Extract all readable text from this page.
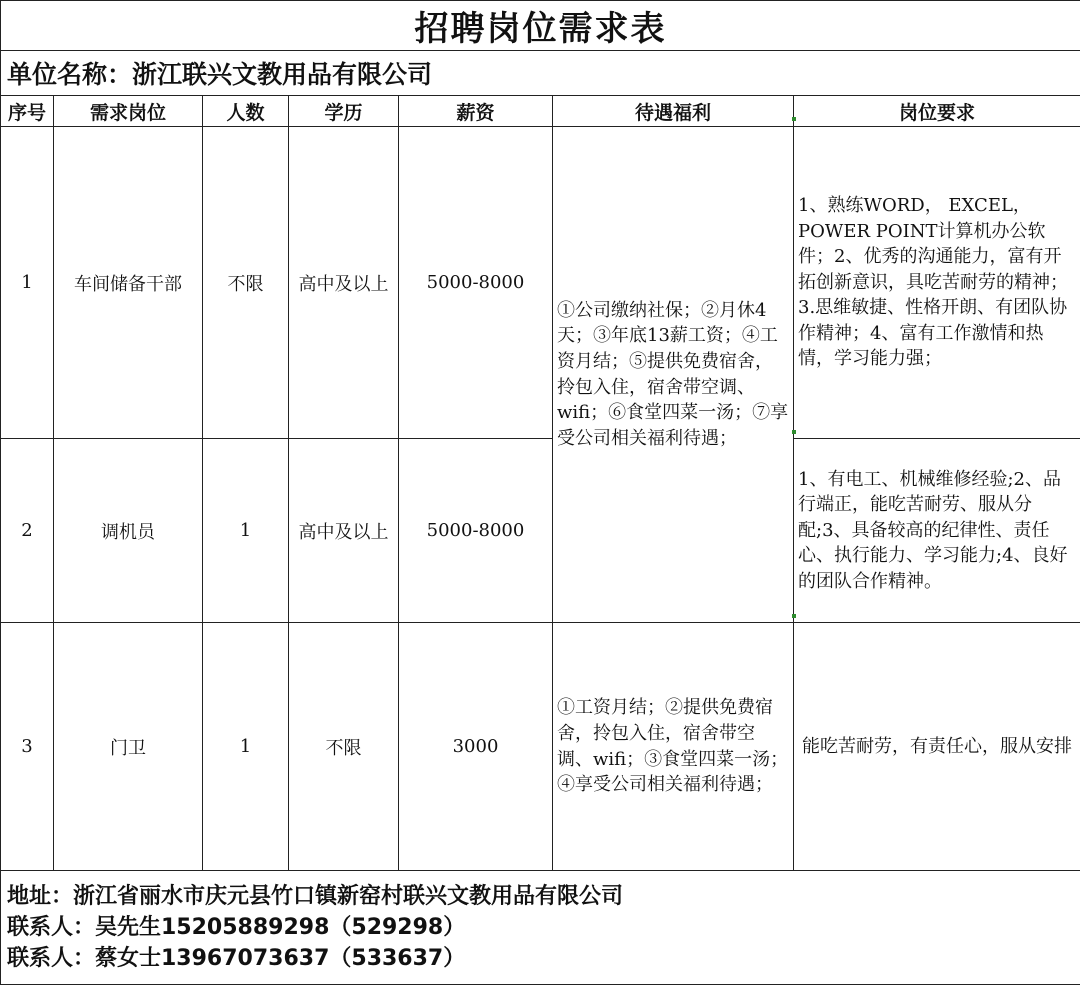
招聘岗位需求表						
单位名称：浙江联兴文教用品有限公司						
序号	需求岗位	人数	学历	薪资	待遇福利	岗位要求
1	车间储备干部	不限	高中及以上	5000-8000	①公司缴纳社保；②月休4天；③年底13薪工资；④工资月结；⑤提供免费宿舍，拎包入住，宿舍带空调、wifi；⑥食堂四菜一汤；⑦享受公司相关福利待遇；	1、熟练WORD， EXCEL，POWER POINT计算机办公软件；2、优秀的沟通能力，富有开拓创新意识，具吃苦耐劳的精神；3.思维敏捷、性格开朗、有团队协作精神；4、富有工作激情和热情，学习能力强；
2	调机员	1	高中及以上	5000-8000		1、有电工、机械维修经验;2、品行端正，能吃苦耐劳、服从分配;3、具备较高的纪律性、责任心、执行能力、学习能力;4、良好的团队合作精神。
3	门卫	1	不限	3000	①工资月结；②提供免费宿舍，拎包入住，宿舍带空调、wifi；③食堂四菜一汤；④享受公司相关福利待遇；	能吃苦耐劳，有责任心，服从安排

地址：浙江省丽水市庆元县竹口镇新窑村联兴文教用品有限公司
联系人：吴先生15205889298（529298）
联系人：蔡女士13967073637（533637）						
